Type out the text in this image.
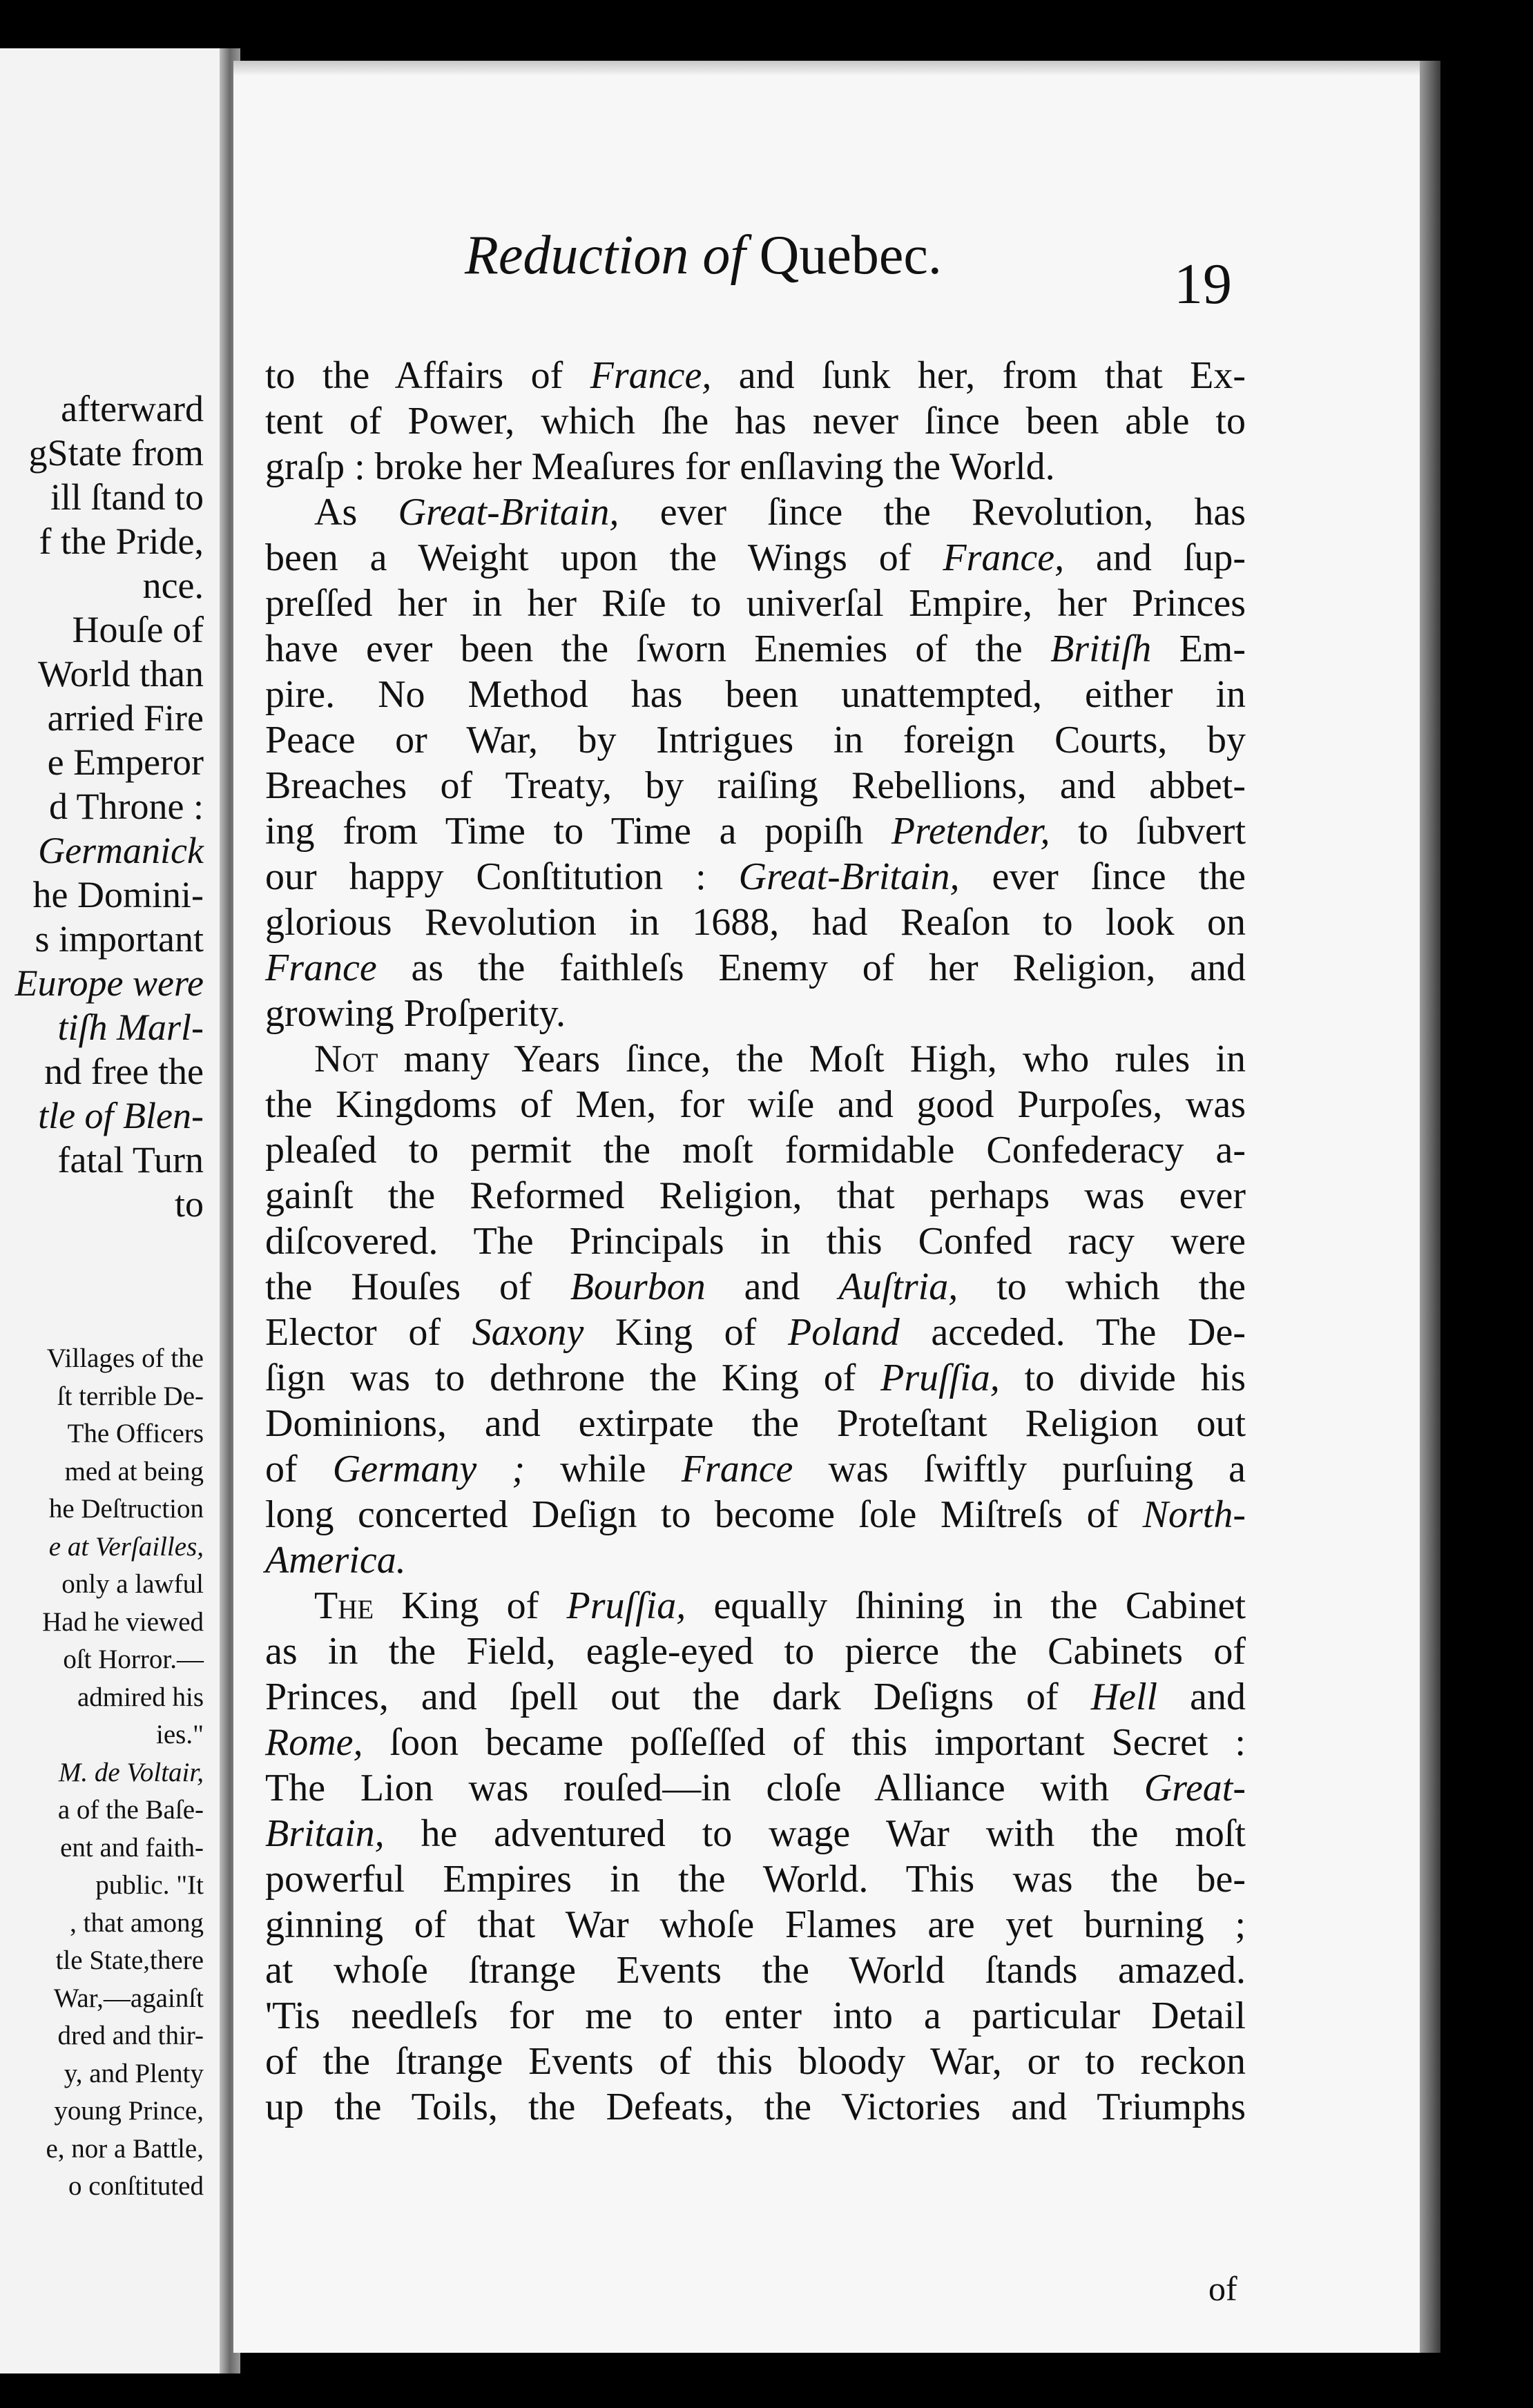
afterward
gState from
ill ſtand to
f the Pride,
nce.
Houſe of
World than
arried Fire
e Emperor
d Throne :
Germanick
he Domini-
s important
Europe were
tiſh Marl-
nd free the
tle of Blen-
fatal Turn
to
Villages of the
ſt terrible De-
The Officers
med at being
he Deſtruction
e at Verſailles,
only a lawful
Had he viewed
oſt Horror.—
admired his
ies."
M. de Voltair,
a of the Baſe-
ent and faith-
public. "It
, that among
tle State,there
War,—againſt
dred and thir-
y, and Plenty
young Prince,
e, nor a Battle,
o conſtituted
Reduction of Quebec.	19
to the Affairs of France, and ſunk her, from that Ex-
tent of Power, which ſhe has never ſince been able to
graſp : broke her Meaſures for enſlaving the World.
As Great-Britain, ever ſince the Revolution, has
been a Weight upon the Wings of France, and ſup-
preſſed her in her Riſe to univerſal Empire, her Princes
have ever been the ſworn Enemies of the Britiſh Em-
pire. No Method has been unattempted, either in
Peace or War, by Intrigues in foreign Courts, by
Breaches of Treaty, by raiſing Rebellions, and abbet-
ing from Time to Time a popiſh Pretender, to ſubvert
our happy Conſtitution : Great-Britain, ever ſince the
glorious Revolution in 1688, had Reaſon to look on
France as the faithleſs Enemy of her Religion, and
growing Proſperity.
Not many Years ſince, the Moſt High, who rules in
the Kingdoms of Men, for wiſe and good Purpoſes, was
pleaſed to permit the moſt formidable Confederacy a-
gainſt the Reformed Religion, that perhaps was ever
diſcovered. The Principals in this Confed racy were
the Houſes of Bourbon and Auſtria, to which the
Elector of Saxony King of Poland acceded. The De-
ſign was to dethrone the King of Pruſſia, to divide his
Dominions, and extirpate the Proteſtant Religion out
of Germany ; while France was ſwiftly purſuing a
long concerted Deſign to become ſole Miſtreſs of North-
America.
The King of Pruſſia, equally ſhining in the Cabinet
as in the Field, eagle-eyed to pierce the Cabinets of
Princes, and ſpell out the dark Deſigns of Hell and
Rome, ſoon became poſſeſſed of this important Secret :
The Lion was rouſed—in cloſe Alliance with Great-
Britain, he adventured to wage War with the moſt
powerful Empires in the World. This was the be-
ginning of that War whoſe Flames are yet burning ;
at whoſe ſtrange Events the World ſtands amazed.
'Tis needleſs for me to enter into a particular Detail
of the ſtrange Events of this bloody War, or to reckon
up the Toils, the Defeats, the Victories and Triumphs
of
